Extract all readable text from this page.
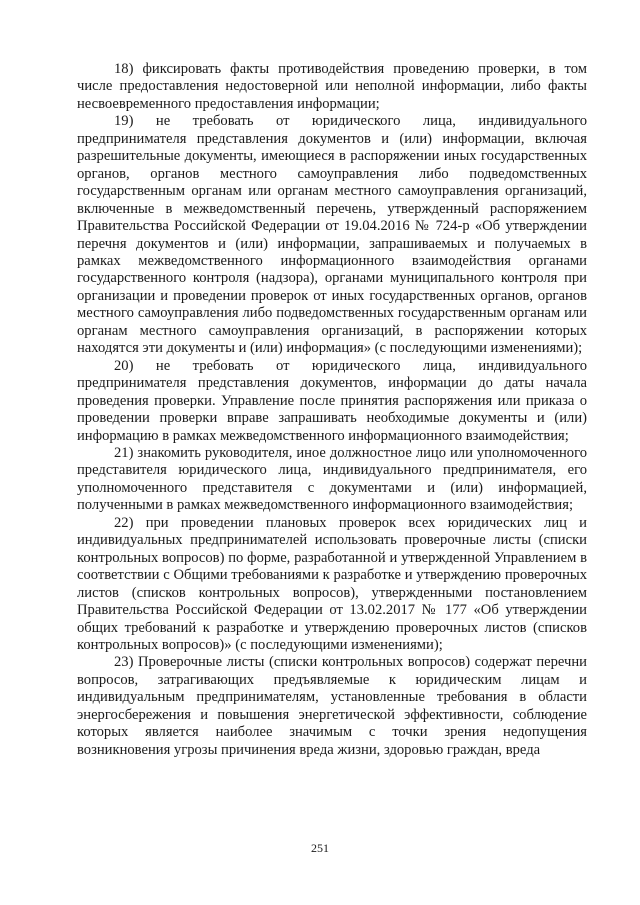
18) фиксировать факты противодействия проведению проверки, в том числе предоставления недостоверной или неполной информации, либо факты несвоевременного предоставления информации;

19) не требовать от юридического лица, индивидуального предпринимателя представления документов и (или) информации, включая разрешительные документы, имеющиеся в распоряжении иных государственных органов, органов местного самоуправления либо подведомственных государственным органам или органам местного самоуправления организаций, включенные в межведомственный перечень, утвержденный распоряжением Правительства Российской Федерации от 19.04.2016 № 724-р «Об утверждении перечня документов и (или) информации, запрашиваемых и получаемых в рамках межведомственного информационного взаимодействия органами государственного контроля (надзора), органами муниципального контроля при организации и проведении проверок от иных государственных органов, органов местного самоуправления либо подведомственных государственным органам или органам местного самоуправления организаций, в распоряжении которых находятся эти документы и (или) информация» (с последующими изменениями);

20) не требовать от юридического лица, индивидуального предпринимателя представления документов, информации до даты начала проведения проверки. Управление после принятия распоряжения или приказа о проведении проверки вправе запрашивать необходимые документы и (или) информацию в рамках межведомственного информационного взаимодействия;

21) знакомить руководителя, иное должностное лицо или уполномоченного представителя юридического лица, индивидуального предпринимателя, его уполномоченного представителя с документами и (или) информацией, полученными в рамках межведомственного информационного взаимодействия;

22) при проведении плановых проверок всех юридических лиц и индивидуальных предпринимателей использовать проверочные листы (списки контрольных вопросов) по форме, разработанной и утвержденной Управлением в соответствии с Общими требованиями к разработке и утверждению проверочных листов (списков контрольных вопросов), утвержденными постановлением Правительства Российской Федерации от 13.02.2017 № 177 «Об утверждении общих требований к разработке и утверждению проверочных листов (списков контрольных вопросов)» (с последующими изменениями);

23) Проверочные листы (списки контрольных вопросов) содержат перечни вопросов, затрагивающих предъявляемые к юридическим лицам и индивидуальным предпринимателям, установленные требования в области энергосбережения и повышения энергетической эффективности, соблюдение которых является наиболее значимым с точки зрения недопущения возникновения угрозы причинения вреда жизни, здоровью граждан, вреда

251
